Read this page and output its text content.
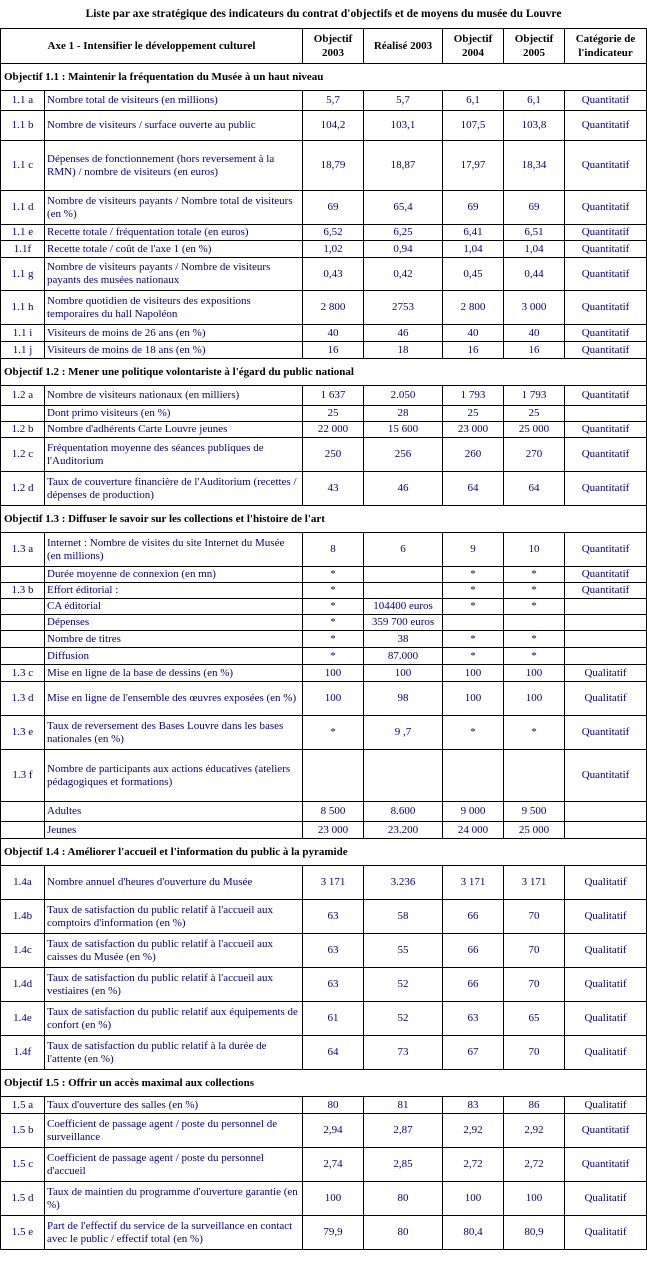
Liste par axe stratégique des indicateurs du contrat d'objectifs et de moyens du musée du Louvre
Axe 1 - Intensifier le développement culturel		Objectif 2003	Réalisé 2003	Objectif 2004	Objectif 2005	Catégorie de l'indicateur
Objectif 1.1 : Maintenir la fréquentation du Musée à un haut niveau						
1.1 a	Nombre total de visiteurs (en millions)	5,7	5,7	6,1	6,1	Quantitatif
1.1 b	Nombre de visiteurs / surface ouverte au public	104,2	103,1	107,5	103,8	Quantitatif
1.1 c	Dépenses de fonctionnement (hors reversement à la RMN) / nombre de visiteurs (en euros)	18,79	18,87	17,97	18,34	Quantitatif
1.1 d	Nombre de visiteurs payants / Nombre total de visiteurs (en %)	69	65,4	69	69	Quantitatif
1.1 e	Recette totale / fréquentation totale (en euros)	6,52	6,25	6,41	6,51	Quantitatif
1.1f	Recette totale / coût de l'axe 1 (en %)	1,02	0,94	1,04	1,04	Quantitatif
1.1 g	Nombre de visiteurs payants / Nombre de visiteurs payants des musées nationaux	0,43	0,42	0,45	0,44	Quantitatif
1.1 h	Nombre quotidien de visiteurs des expositions temporaires du hall Napoléon	2 800	2753	2 800	3 000	Quantitatif
1.1 i	Visiteurs de moins de 26 ans (en %)	40	46	40	40	Quantitatif
1.1 j	Visiteurs de moins de 18 ans (en %)	16	18	16	16	Quantitatif
Objectif 1.2 : Mener une politique volontariste à l'égard du public national						
1.2 a	Nombre de visiteurs nationaux (en milliers)	1 637	2.050	1 793	1 793	Quantitatif
	Dont primo visiteurs (en %)	25	28	25	25	
1.2 b	Nombre d'adhérents Carte Louvre jeunes	22 000	15 600	23 000	25 000	Quantitatif
1.2 c	Fréquentation moyenne des séances publiques de l'Auditorium	250	256	260	270	Quantitatif
1.2 d	Taux de couverture financière de l'Auditorium (recettes / dépenses de production)	43	46	64	64	Quantitatif
Objectif 1.3 : Diffuser le savoir sur les collections et l'histoire de l'art						
1.3 a	Internet : Nombre de visites du site Internet du Musée (en millions)	8	6	9	10	Quantitatif
	Durée moyenne de connexion (en mn)	*		*	*	Quantitatif
1.3 b	Effort éditorial :	*		*	*	Quantitatif
	CA éditorial	*	104400 euros	*	*	
	Dépenses	*	359 700 euros			
	Nombre de titres	*	38	*	*	
	Diffusion	*	87.000	*	*	
1.3 c	Mise en ligne de la base de dessins (en %)	100	100	100	100	Qualitatif
1.3 d	Mise en ligne de l'ensemble des œuvres exposées (en %)	100	98	100	100	Qualitatif
1.3 e	Taux de reversement des Bases Louvre dans les bases nationales (en %)	*	9 ,7	*	*	Quantitatif
1.3 f	Nombre de participants aux actions éducatives (ateliers pédagogiques et formations)					Quantitatif
	Adultes	8 500	8.600	9 000	9 500	
	Jeunes	23 000	23.200	24 000	25 000	
Objectif 1.4 : Améliorer l'accueil et l'information du public à la pyramide						
1.4a	Nombre annuel d'heures d'ouverture du Musée	3 171	3.236	3 171	3 171	Qualitatif
1.4b	Taux de satisfaction du public relatif à l'accueil aux comptoirs d'information (en %)	63	58	66	70	Qualitatif
1.4c	Taux de satisfaction du public relatif à l'accueil aux caisses du Musée (en %)	63	55	66	70	Qualitatif
1.4d	Taux de satisfaction du public relatif à l'accueil aux vestiaires (en %)	63	52	66	70	Qualitatif
1.4e	Taux de satisfaction du public relatif aux équipements de confort (en %)	61	52	63	65	Qualitatif
1.4f	Taux de satisfaction du public relatif à la durée de l'attente (en %)	64	73	67	70	Qualitatif
Objectif 1.5 : Offrir un accès maximal aux collections						
1.5 a	Taux d'ouverture des salles (en %)	80	81	83	86	Qualitatif
1.5 b	Coefficient de passage agent / poste du personnel de surveillance	2,94	2,87	2,92	2,92	Quantitatif
1.5 c	Coefficient de passage agent / poste du personnel d'accueil	2,74	2,85	2,72	2,72	Quantitatif
1.5 d	Taux de maintien du programme d'ouverture garantie (en %)	100	80	100	100	Qualitatif
1.5 e	Part de l'effectif du service de la surveillance en contact avec le public / effectif total (en %)	79,9	80	80,4	80,9	Qualitatif
